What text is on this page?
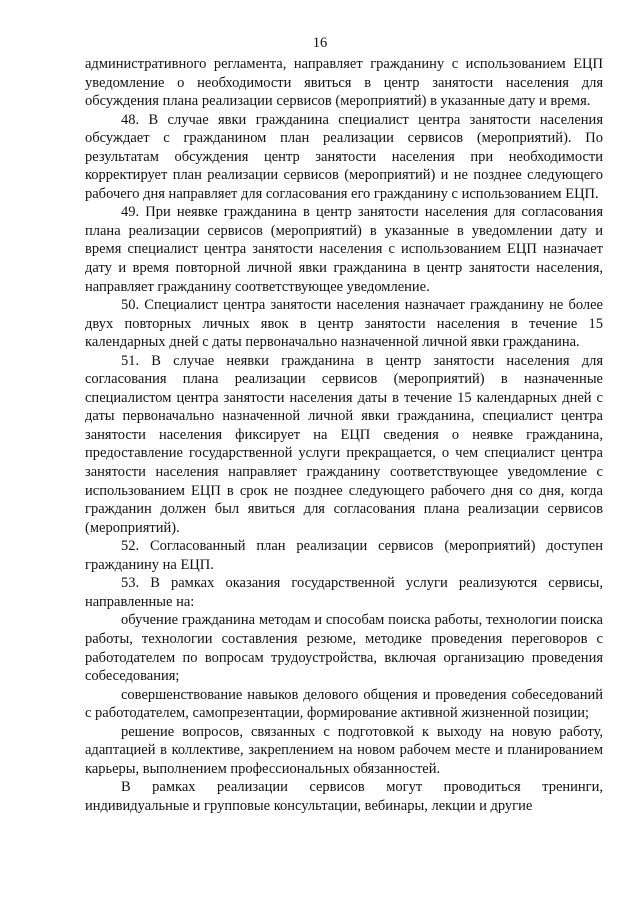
16

административного регламента, направляет гражданину с использованием ЕЦП уведомление о необходимости явиться в центр занятости населения для обсуждения плана реализации сервисов (мероприятий) в указанные дату и время.

48. В случае явки гражданина специалист центра занятости населения обсуждает с гражданином план реализации сервисов (мероприятий). По результатам обсуждения центр занятости населения при необходимости корректирует план реализации сервисов (мероприятий) и не позднее следующего рабочего дня направляет для согласования его гражданину с использованием ЕЦП.

49. При неявке гражданина в центр занятости населения для согласования плана реализации сервисов (мероприятий) в указанные в уведомлении дату и время специалист центра занятости населения с использованием ЕЦП назначает дату и время повторной личной явки гражданина в центр занятости населения, направляет гражданину соответствующее уведомление.

50. Специалист центра занятости населения назначает гражданину не более двух повторных личных явок в центр занятости населения в течение 15 календарных дней с даты первоначально назначенной личной явки гражданина.

51. В случае неявки гражданина в центр занятости населения для согласования плана реализации сервисов (мероприятий) в назначенные специалистом центра занятости населения даты в течение 15 календарных дней с даты первоначально назначенной личной явки гражданина, специалист центра занятости населения фиксирует на ЕЦП сведения о неявке гражданина, предоставление государственной услуги прекращается, о чем специалист центра занятости населения направляет гражданину соответствующее уведомление с использованием ЕЦП в срок не позднее следующего рабочего дня со дня, когда гражданин должен был явиться для согласования плана реализации сервисов (мероприятий).

52. Согласованный план реализации сервисов (мероприятий) доступен гражданину на ЕЦП.

53. В рамках оказания государственной услуги реализуются сервисы, направленные на:

обучение гражданина методам и способам поиска работы, технологии поиска работы, технологии составления резюме, методике проведения переговоров с работодателем по вопросам трудоустройства, включая организацию проведения собеседования;

совершенствование навыков делового общения и проведения собеседований с работодателем, самопрезентации, формирование активной жизненной позиции;

решение вопросов, связанных с подготовкой к выходу на новую работу, адаптацией в коллективе, закреплением на новом рабочем месте и планированием карьеры, выполнением профессиональных обязанностей.

В рамках реализации сервисов могут проводиться тренинги, индивидуальные и групповые консультации, вебинары, лекции и другие
